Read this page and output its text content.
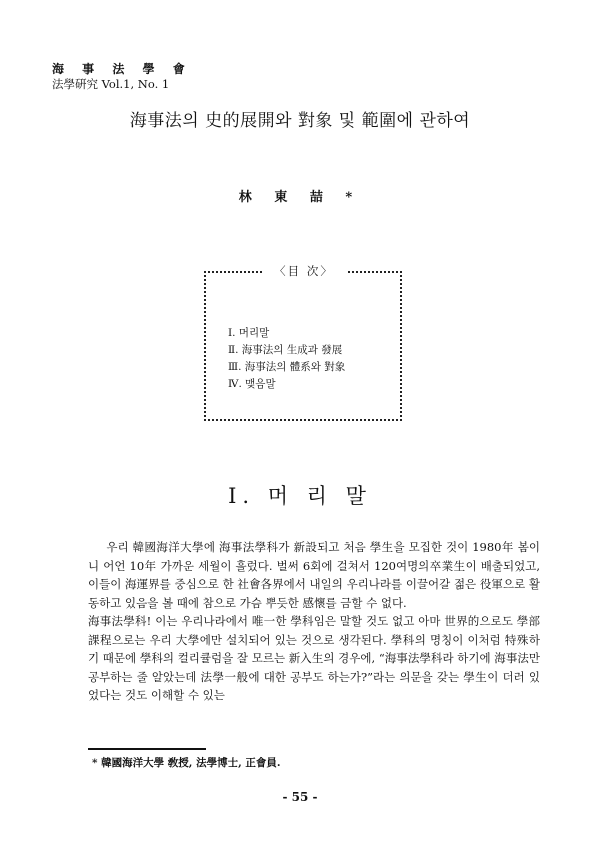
海 事 法 學 會
法學硏究 Vol.1, No. 1
海事法의 史的展開와 對象 및 範圍에 관하여
林 東 喆 *
〈目 次〉
Ⅰ. 머리말
Ⅱ. 海事法의 生成과 發展
Ⅲ. 海事法의 體系와 對象
Ⅳ. 맺음말
Ⅰ. 머 리 말

우리 韓國海洋大學에 海事法學科가 新設되고 처음 學生을 모집한 것이 1980年 봄이니 어언 10年 가까운 세월이 흘렀다. 벌써 6회에 걸쳐서 120여명의卒業生이 배출되었고, 이들이 海運界를 중심으로 한 社會各界에서 내일의 우리나라를 이끌어갈 젊은 役軍으로 활동하고 있음을 볼 때에 참으로 가슴 뿌듯한 感懷를 금할 수 없다.

海事法學科! 이는 우리나라에서 唯一한 學科임은 말할 것도 없고 아마 世界的으로도 學部課程으로는 우리 大學에만 설치되어 있는 것으로 생각된다. 學科의 명칭이 이처럼 特殊하기 때문에 學科의 컬리큘럼을 잘 모르는 新入生의 경우에, “海事法學科라 하기에 海事法만 공부하는 줄 알았는데 法學一般에 대한 공부도 하는가?”라는 의문을 갖는 學生이 더러 있었다는 것도 이해할 수 있는

* 韓國海洋大學 敎授, 法學博士, 正會員.
- 55 -
